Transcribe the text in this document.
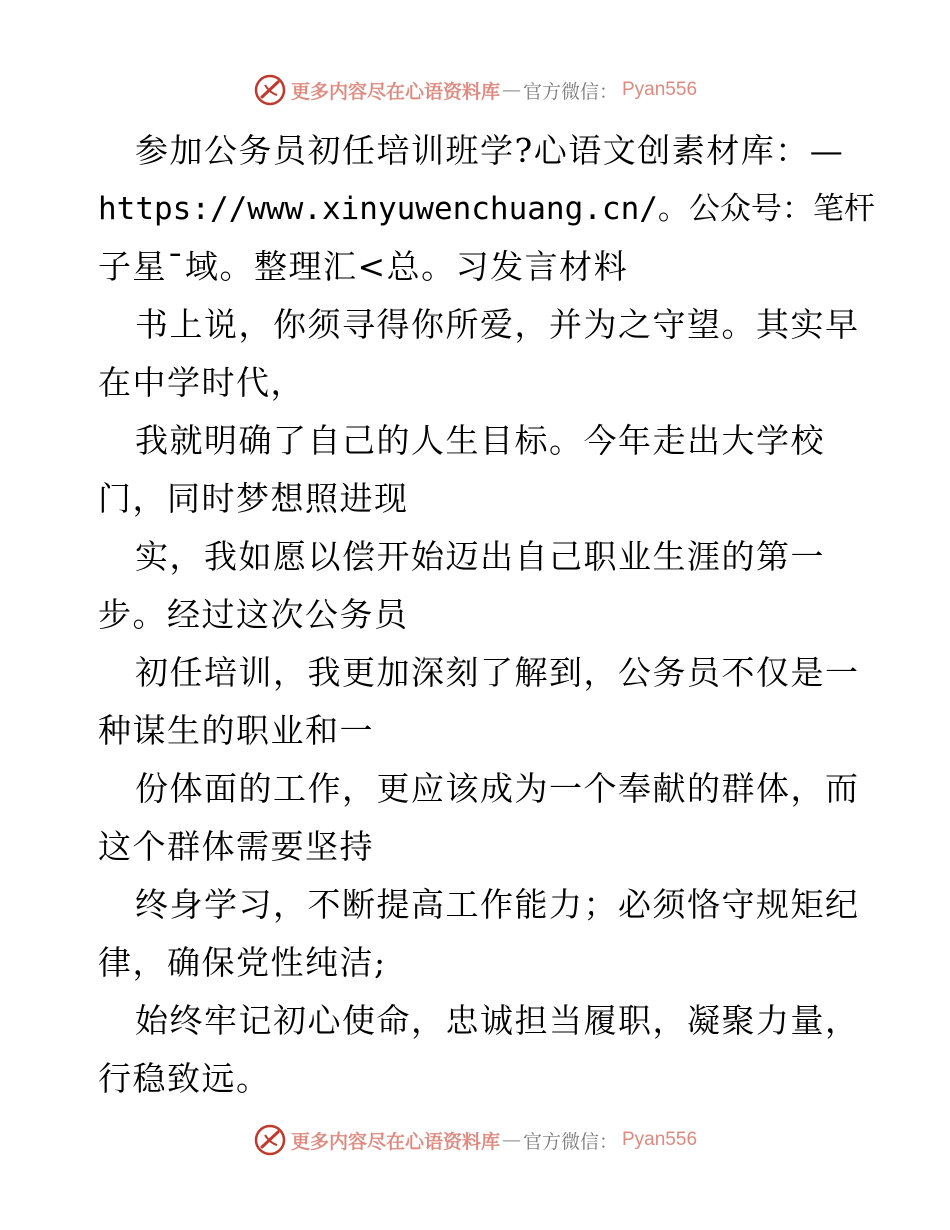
更多内容尽在心语资料库 — 官方微信： Pyan556
参加公务员初任培训班学?心语文创素材库：—
https://www.xinyuwenchuang.cn/。公众号：笔杆
子星¯域。整理汇<总。习发言材料
书上说，你须寻得你所爱，并为之守望。其实早
在中学时代，
我就明确了自己的人生目标。今年走出大学校
门，同时梦想照进现
实，我如愿以偿开始迈出自己职业生涯的第一
步。经过这次公务员
初任培训，我更加深刻了解到，公务员不仅是一
种谋生的职业和一
份体面的工作，更应该成为一个奉献的群体，而
这个群体需要坚持
终身学习，不断提高工作能力；必须恪守规矩纪
律，确保党性纯洁;
始终牢记初心使命，忠诚担当履职，凝聚力量，
行稳致远。
更多内容尽在心语资料库 — 官方微信： Pyan556
